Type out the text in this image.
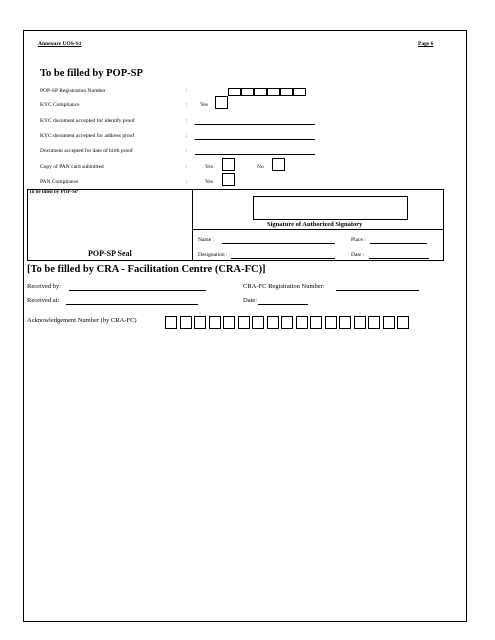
Annexure UOS-S1	Page 6
To be filled by POP-SP
POP-SP Registration Number	:
KYC Compliance	: Yes
KYC document accepted for identify proof	:
KYC document accepted for address proof	:
Document accepted for date of birth proof	:
Copy of PAN card submitted	:	Yes	No
PAN Compliance	:	Yes
To be filled by POP-SP
POP-SP Seal
Signature of Authorized Signatory
Name :	Place :
Designation :	Date :
[To be filled by CRA - Facilitation Centre (CRA-FC)]
Received by:	CRA-FC Registration Number:
Received at:	Date:
Acknowledgement Number (by CRA-FC)
